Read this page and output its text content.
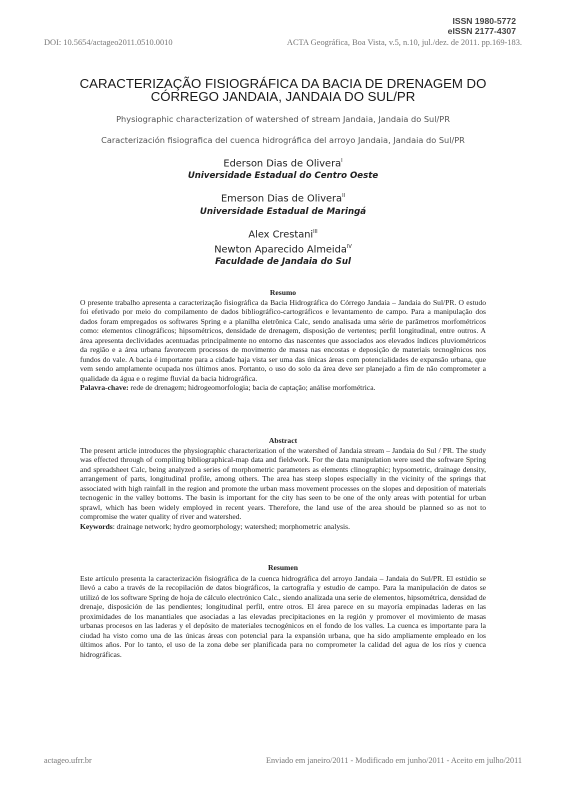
ISSN 1980-5772
eISSN 2177-4307
DOI: 10.5654/actageo2011.0510.0010	ACTA Geográfica, Boa Vista, v.5, n.10, jul./dez. de 2011. pp.169-183.
CARACTERIZAÇÃO FISIOGRÁFICA DA BACIA DE DRENAGEM DO
CÓRREGO JANDAIA, JANDAIA DO SUL/PR
Physiographic characterization of watershed of stream Jandaia, Jandaia do Sul/PR
Caracterización fisiografica del cuenca hidrográfica del arroyo Jandaia, Jandaia do Sul/PR
Ederson Dias de Olivera$^I$
Universidade Estadual do Centro Oeste
Emerson Dias de Olivera$^{II}$
Universidade Estadual de Maringá
Alex Crestani$^{III}$
Newton Aparecido Almeida$^{IV}$
Faculdade de Jandaia do Sul
Resumo
O presente trabalho apresenta a caracterização fisiográfica da Bacia Hidrográfica do Córrego Jandaia – Jandaia do Sul/PR. O estudo foi efetivado por meio do compilamento de dados bibliográfico-cartográficos e levantamento de campo. Para a manipulação dos dados foram empregados os softwares Spring e a planilha eletrônica Calc, sendo analisada uma série de parâmetros morfométricos como: elementos clinográficos; hipsométricos, densidade de drenagem, disposição de vertentes; perfil longitudinal, entre outros. A área apresenta declividades acentuadas principalmente no entorno das nascentes que associados aos elevados índices pluviométricos da região e a área urbana favorecem processos de movimento de massa nas encostas e deposição de materiais tecnogênicos nos fundos do vale. A bacia é importante para a cidade haja vista ser uma das únicas áreas com potencialidades de expansão urbana, que vem sendo amplamente ocupada nos últimos anos. Portanto, o uso do solo da área deve ser planejado a fim de não comprometer a qualidade da água e o regime fluvial da bacia hidrográfica.
Palavra-chave: rede de drenagem; hidrogeomorfologia; bacia de captação; análise morfométrica.
Abstract
The present article introduces the physiographic characterization of the watershed of Jandaia stream – Jandaia do Sul / PR. The study was effected through of compiling bibliographical-map data and fieldwork. For the data manipulation were used the software Spring and spreadsheet Calc, being analyzed a series of morphometric parameters as elements clinographic; hypsometric, drainage density, arrangement of parts, longitudinal profile, among others. The area has steep slopes especially in the vicinity of the springs that associated with high rainfall in the region and promote the urban mass movement processes on the slopes and deposition of materials tecnogenic in the valley bottoms. The basin is important for the city has seen to be one of the only areas with potential for urban sprawl, which has been widely employed in recent years. Therefore, the land use of the area should be planned so as not to compromise the water quality of river and watershed.
Keywords: drainage network; hydro geomorphology; watershed; morphometric analysis.
Resumen
Este artículo presenta la caracterización fisiográfica de la cuenca hidrográfica del arroyo Jandaia – Jandaia do Sul/PR. El estúdio se llevó a cabo a través de la recopilación de datos biográficos, la cartografía y estudio de campo. Para la manipulación de datos se utilizó de los software Spring de hoja de cálculo electrónico Calc., siendo analizada una serie de elementos, hipsométrica, densidad de drenaje, disposición de las pendientes; longitudinal perfil, entre otros. El área parece en su mayoría empinadas laderas en las proximidades de los manantiales que asociadas a las elevadas precipitaciones en la región y promover el movimiento de masas urbanas procesos en las laderas y el depósito de materiales tecnogénicos en el fondo de los valles. La cuenca es importante para la ciudad ha visto como una de las únicas áreas con potencial para la expansión urbana, que ha sido ampliamente empleado en los últimos años. Por lo tanto, el uso de la zona debe ser planificada para no comprometer la calidad del agua de los ríos y cuenca hidrográficas.
actageo.ufrr.br	Enviado em janeiro/2011 - Modificado em junho/2011 - Aceito em julho/2011
